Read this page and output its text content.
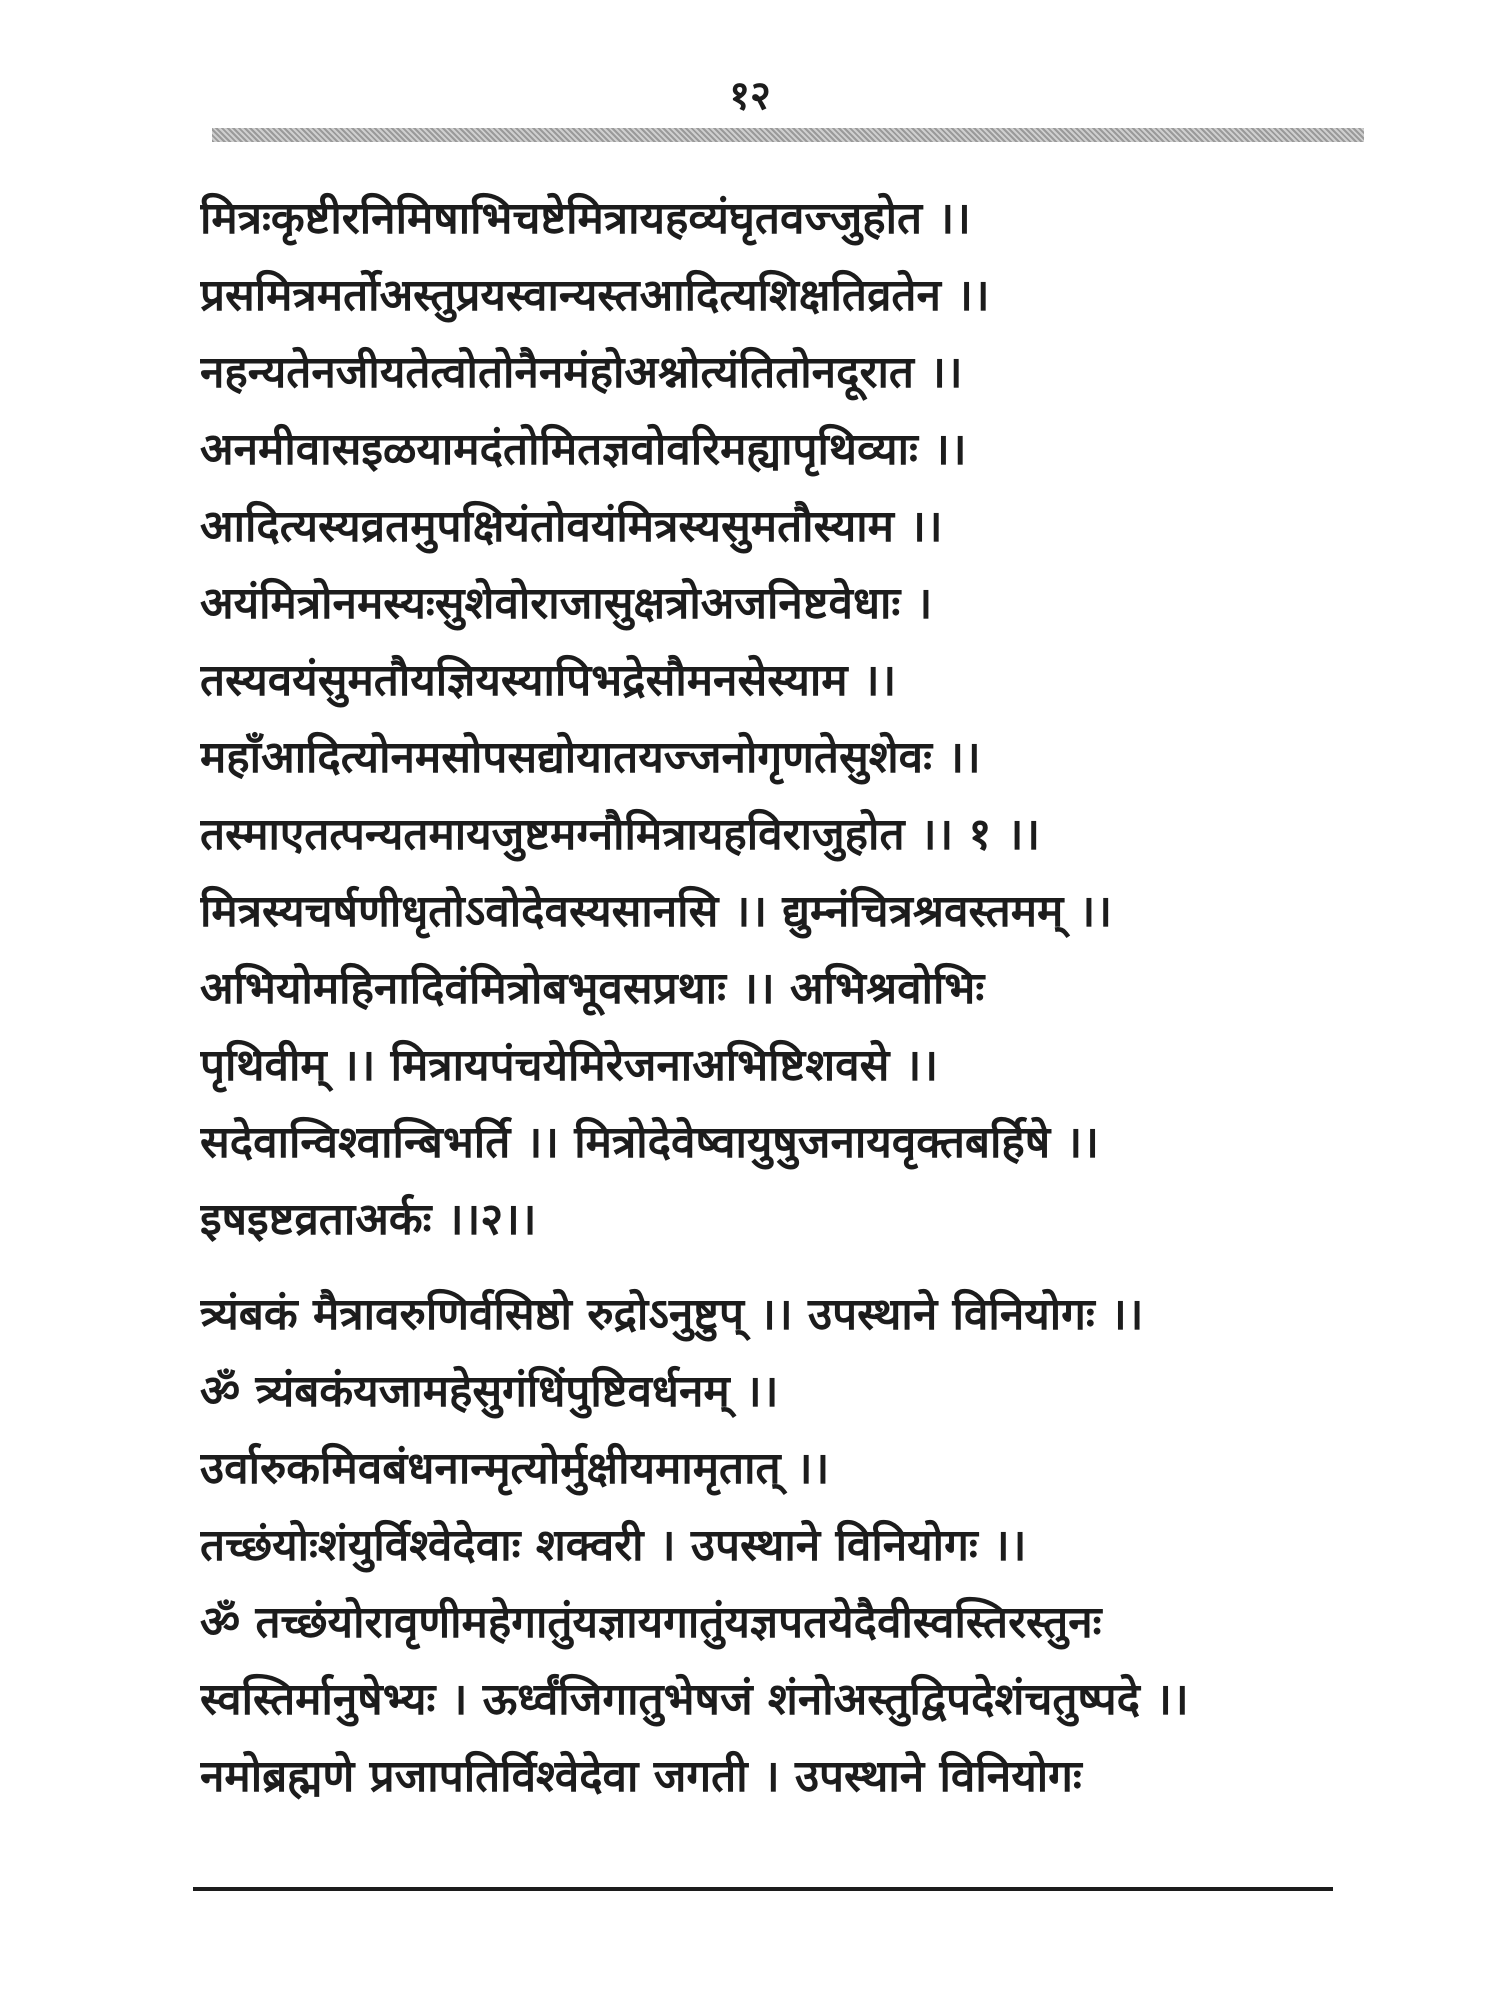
१२
मित्रःकृष्टीरनिमिषाभिचष्टेमित्रायहव्यंघृतवज्जुहोत ।।
प्रसमित्रमर्तोअस्तुप्रयस्वान्यस्तआदित्यशिक्षतिव्रतेन ।।
नहन्यतेनजीयतेत्वोतोनैनमंहोअश्नोत्यंतितोनदूरात ।।
अनमीवासइळयामदंतोमितज्ञवोवरिमह्यापृथिव्याः ।।
आदित्यस्यव्रतमुपक्षियंतोवयंमित्रस्यसुमतौस्याम ।।
अयंमित्रोनमस्यःसुशेवोराजासुक्षत्रोअजनिष्टवेधाः ।
तस्यवयंसुमतौयज्ञियस्यापिभद्रेसौमनसेस्याम ।।
महाँआदित्योनमसोपसद्योयातयज्जनोगृणतेसुशेवः ।।
तस्माएतत्पन्यतमायजुष्टमग्नौमित्रायहविराजुहोत ।। १ ।।
मित्रस्यचर्षणीधृतोऽवोदेवस्यसानसि ।। द्युम्नंचित्रश्रवस्तमम् ।।
अभियोमहिनादिवंमित्रोबभूवसप्रथाः ।। अभिश्रवोभिः
पृथिवीम् ।। मित्रायपंचयेमिरेजनाअभिष्टिशवसे ।।
सदेवान्विश्वान्बिभर्ति ।। मित्रोदेवेष्वायुषुजनायवृक्तबर्हिषे ।।
इषइष्टव्रताअर्कः ।।२।।
त्र्यंबकं मैत्रावरुणिर्वसिष्ठो रुद्रोऽनुष्टुप् ।। उपस्थाने विनियोगः ।।
ॐ त्र्यंबकंयजामहेसुगंधिंपुष्टिवर्धनम् ।।
उर्वारुकमिवबंधनान्मृत्योर्मुक्षीयमामृतात् ।।
तच्छंयोःशंयुर्विश्वेदेवाः शक्वरी । उपस्थाने विनियोगः ।।
ॐ तच्छंयोरावृणीमहेगातुंयज्ञायगातुंयज्ञपतयेदैवीस्वस्तिरस्तुनः
स्वस्तिर्मानुषेभ्यः । ऊर्ध्वंजिगातुभेषजं शंनोअस्तुद्विपदेशंचतुष्पदे ।।
नमोब्रह्मणे प्रजापतिर्विश्वेदेवा जगती । उपस्थाने विनियोगः
